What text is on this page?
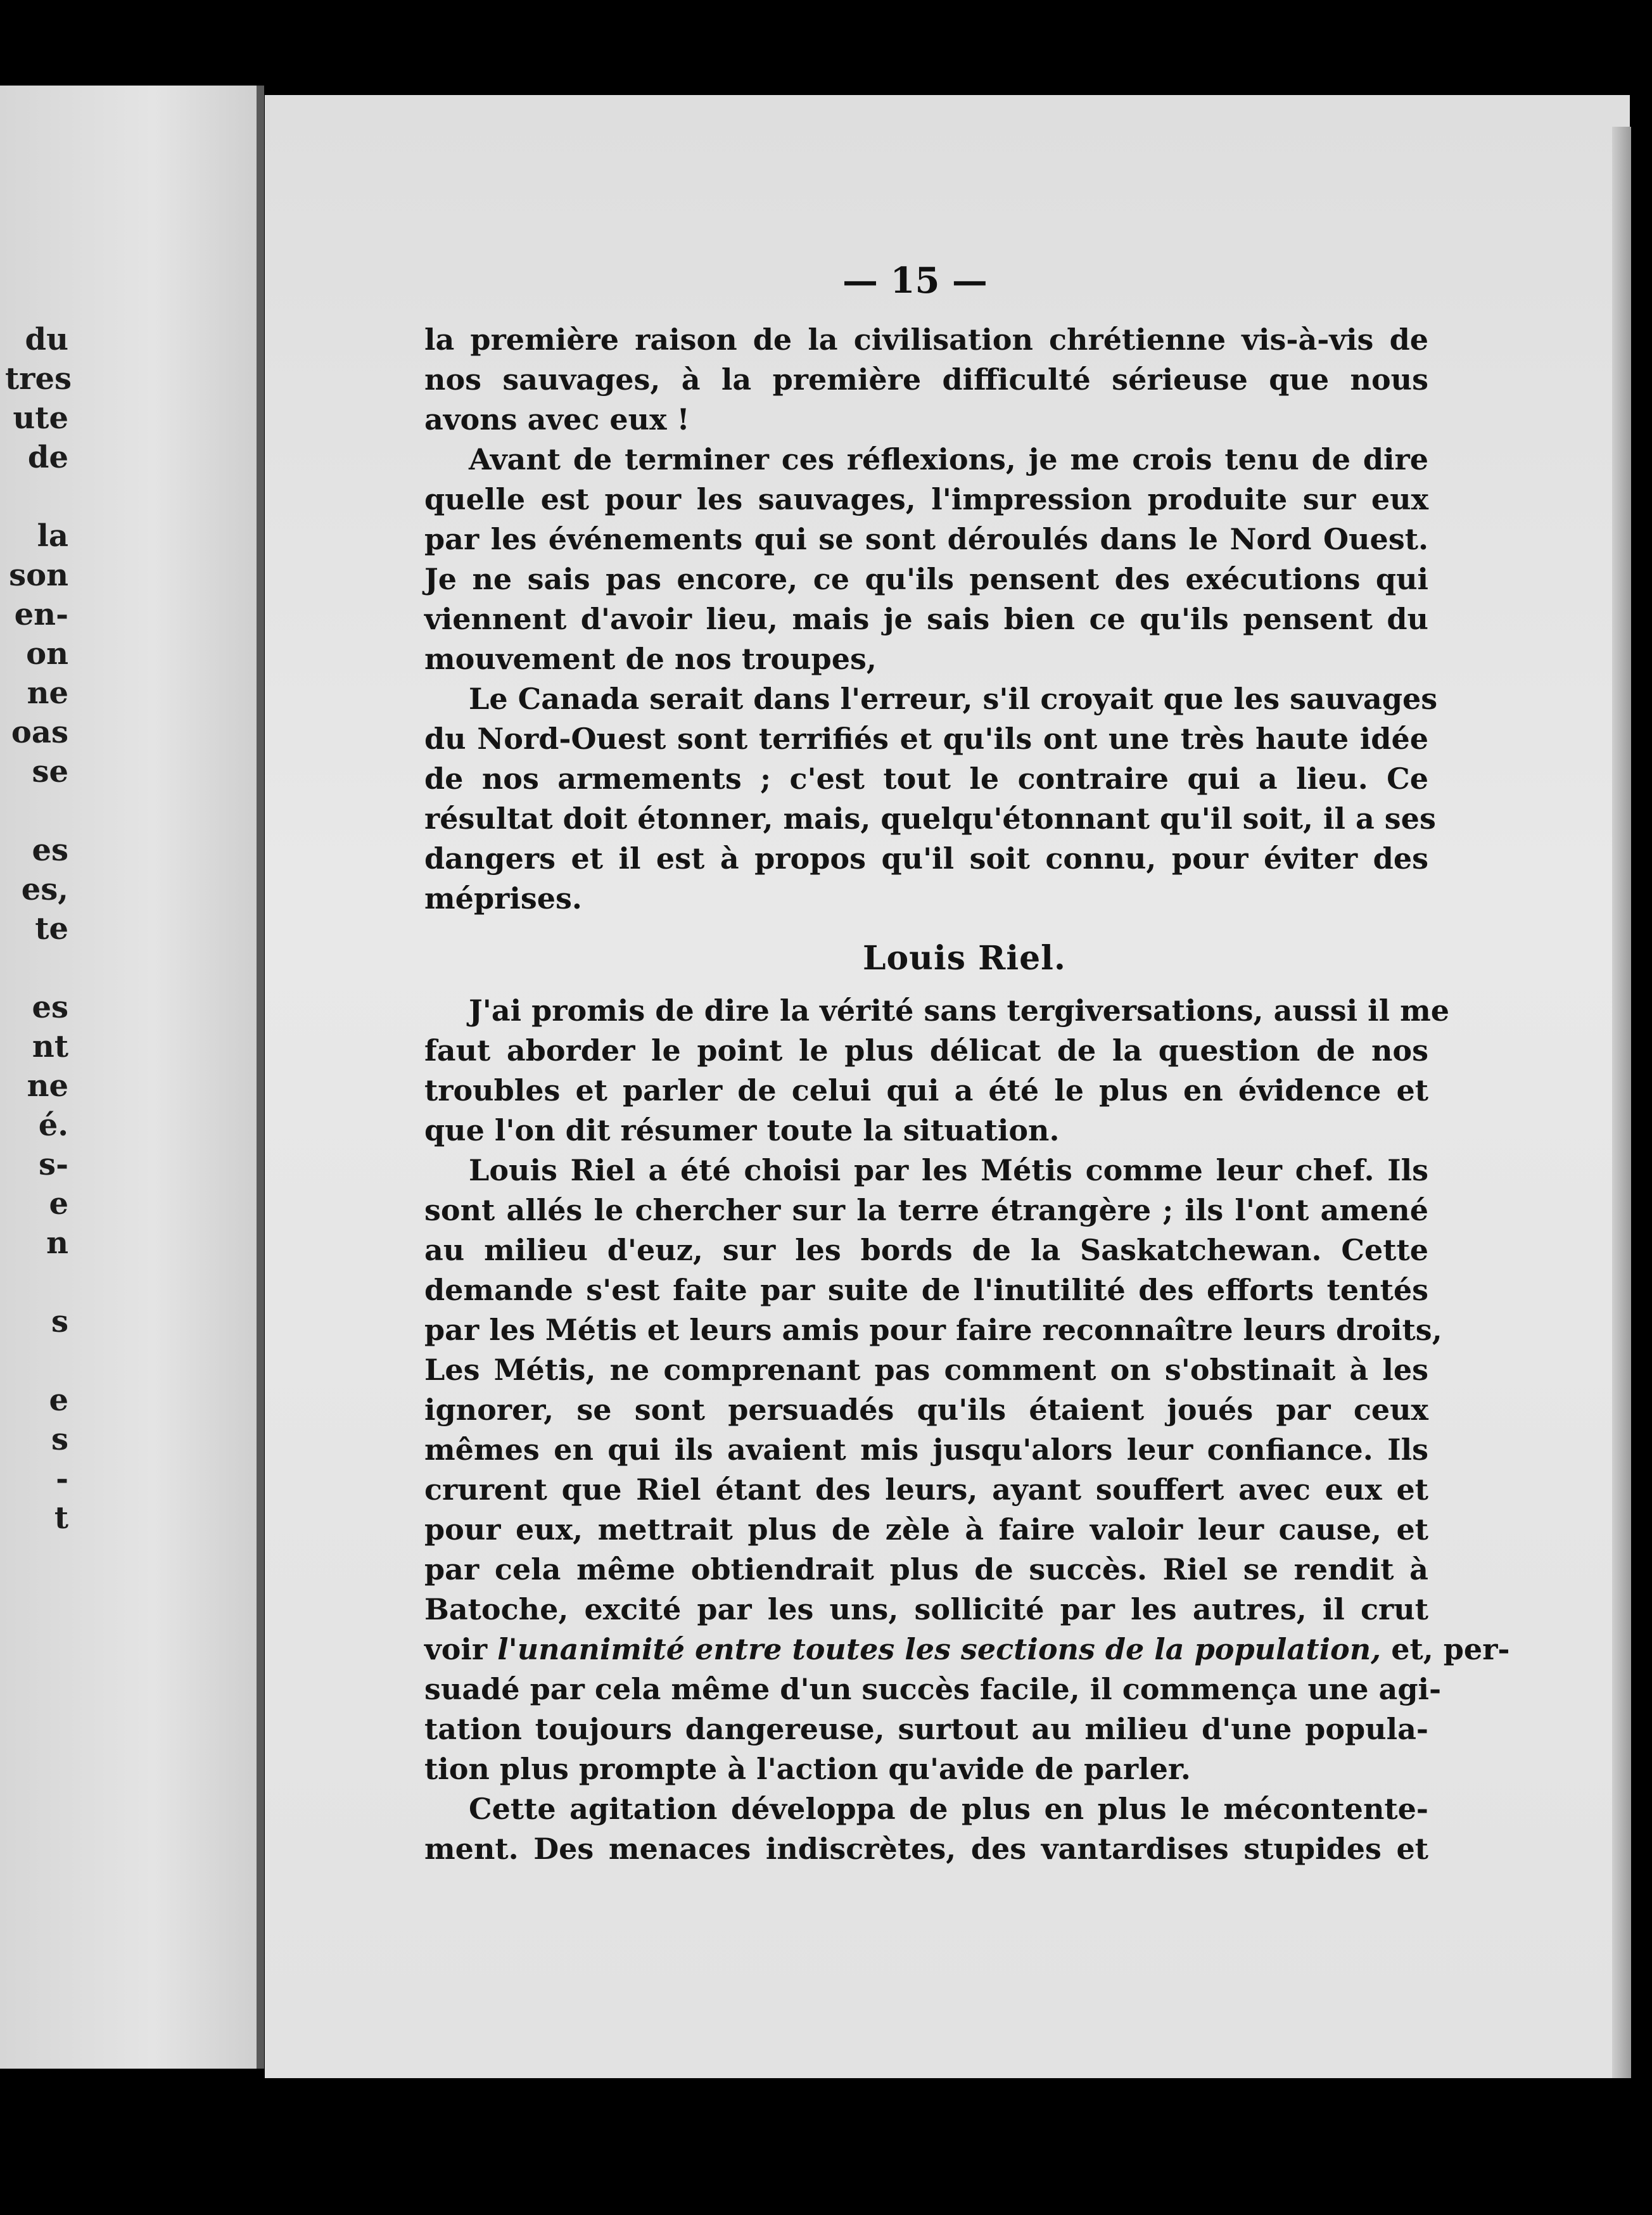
du
tres
ute
de
la
son
en-
on
ne
oas
se
es
es,
te
es
nt
ne
é.
s-
e
n
s
e
s
-
t
— 15 —
la première raison de la civilisation chrétienne vis-à-vis de
nos sauvages, à la première difficulté sérieuse que nous
avons avec eux !
Avant de terminer ces réflexions, je me crois tenu de dire
quelle est pour les sauvages, l'impression produite sur eux
par les événements qui se sont déroulés dans le Nord Ouest.
Je ne sais pas encore, ce qu'ils pensent des exécutions qui
viennent d'avoir lieu, mais je sais bien ce qu'ils pensent du
mouvement de nos troupes,
Le Canada serait dans l'erreur, s'il croyait que les sauvages
du Nord-Ouest sont terrifiés et qu'ils ont une très haute idée
de nos armements ; c'est tout le contraire qui a lieu. Ce
résultat doit étonner, mais, quelqu'étonnant qu'il soit, il a ses
dangers et il est à propos qu'il soit connu, pour éviter des
méprises.
Louis Riel.
J'ai promis de dire la vérité sans tergiversations, aussi il me
faut aborder le point le plus délicat de la question de nos
troubles et parler de celui qui a été le plus en évidence et
que l'on dit résumer toute la situation.
Louis Riel a été choisi par les Métis comme leur chef. Ils
sont allés le chercher sur la terre étrangère ; ils l'ont amené
au milieu d'euz, sur les bords de la Saskatchewan. Cette
demande s'est faite par suite de l'inutilité des efforts tentés
par les Métis et leurs amis pour faire reconnaître leurs droits,
Les Métis, ne comprenant pas comment on s'obstinait à les
ignorer, se sont persuadés qu'ils étaient joués par ceux
mêmes en qui ils avaient mis jusqu'alors leur confiance. Ils
crurent que Riel étant des leurs, ayant souffert avec eux et
pour eux, mettrait plus de zèle à faire valoir leur cause, et
par cela même obtiendrait plus de succès. Riel se rendit à
Batoche, excité par les uns, sollicité par les autres, il crut
voir l'unanimité entre toutes les sections de la population, et, per-
suadé par cela même d'un succès facile, il commença une agi-
tation toujours dangereuse, surtout au milieu d'une popula-
tion plus prompte à l'action qu'avide de parler.
Cette agitation développa de plus en plus le mécontente-
ment. Des menaces indiscrètes, des vantardises stupides et
